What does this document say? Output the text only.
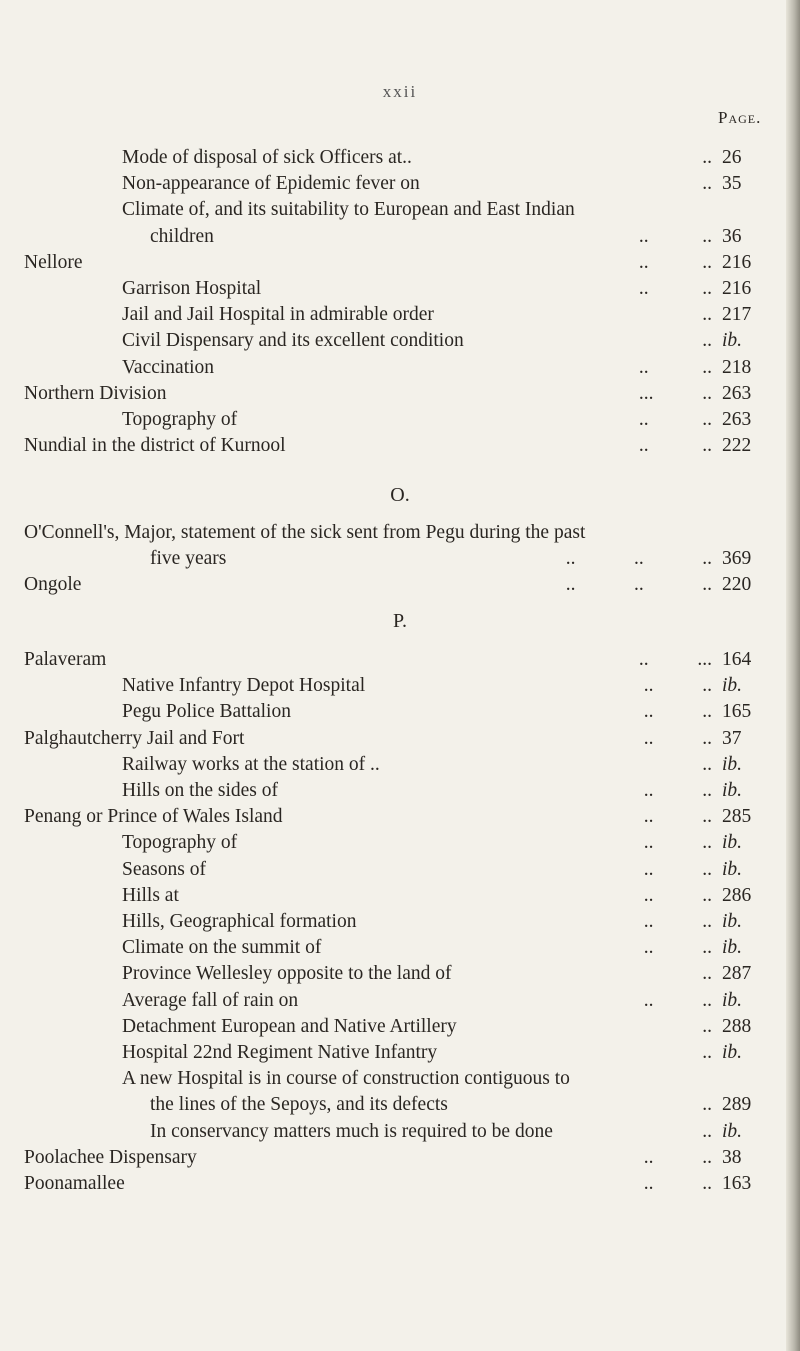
xxii
Page.
Mode of disposal of sick Officers at..	.. 26
Non-appearance of Epidemic fever on	.. 35
Climate of, and its suitability to European and East Indian
children	..           .. 36
Nellore	..           .. 216
Garrison Hospital	..           .. 216
Jail and Jail Hospital in admirable order	.. 217
Civil Dispensary and its excellent condition	.. ib.
Vaccination	..           .. 218
Northern Division	...          .. 263
Topography of	..           .. 263
Nundial in the district of Kurnool	..           .. 222
O.
O'Connell's, Major, statement of the sick sent from Pegu during the past
five years	..            ..            .. 369
Ongole	..            ..            .. 220
P.
Palaveram	..          ... 164
Native Infantry Depot Hospital	..          .. ib.
Pegu Police Battalion	..          .. 165
Palghautcherry Jail and Fort	..          .. 37
Railway works at the station of ..	.. ib.
Hills on the sides of	..          .. ib.
Penang or Prince of Wales Island	..          .. 285
Topography of	..          .. ib.
Seasons of	..          .. ib.
Hills at	..          .. 286
Hills, Geographical formation	..          .. ib.
Climate on the summit of	..          .. ib.
Province Wellesley opposite to the land of	.. 287
Average fall of rain on	..          .. ib.
Detachment European and Native Artillery	.. 288
Hospital 22nd Regiment Native Infantry	.. ib.
A new Hospital is in course of construction contiguous to
the lines of the Sepoys, and its defects	.. 289
In conservancy matters much is required to be done	.. ib.
Poolachee Dispensary	..          .. 38
Poonamallee	..          .. 163
